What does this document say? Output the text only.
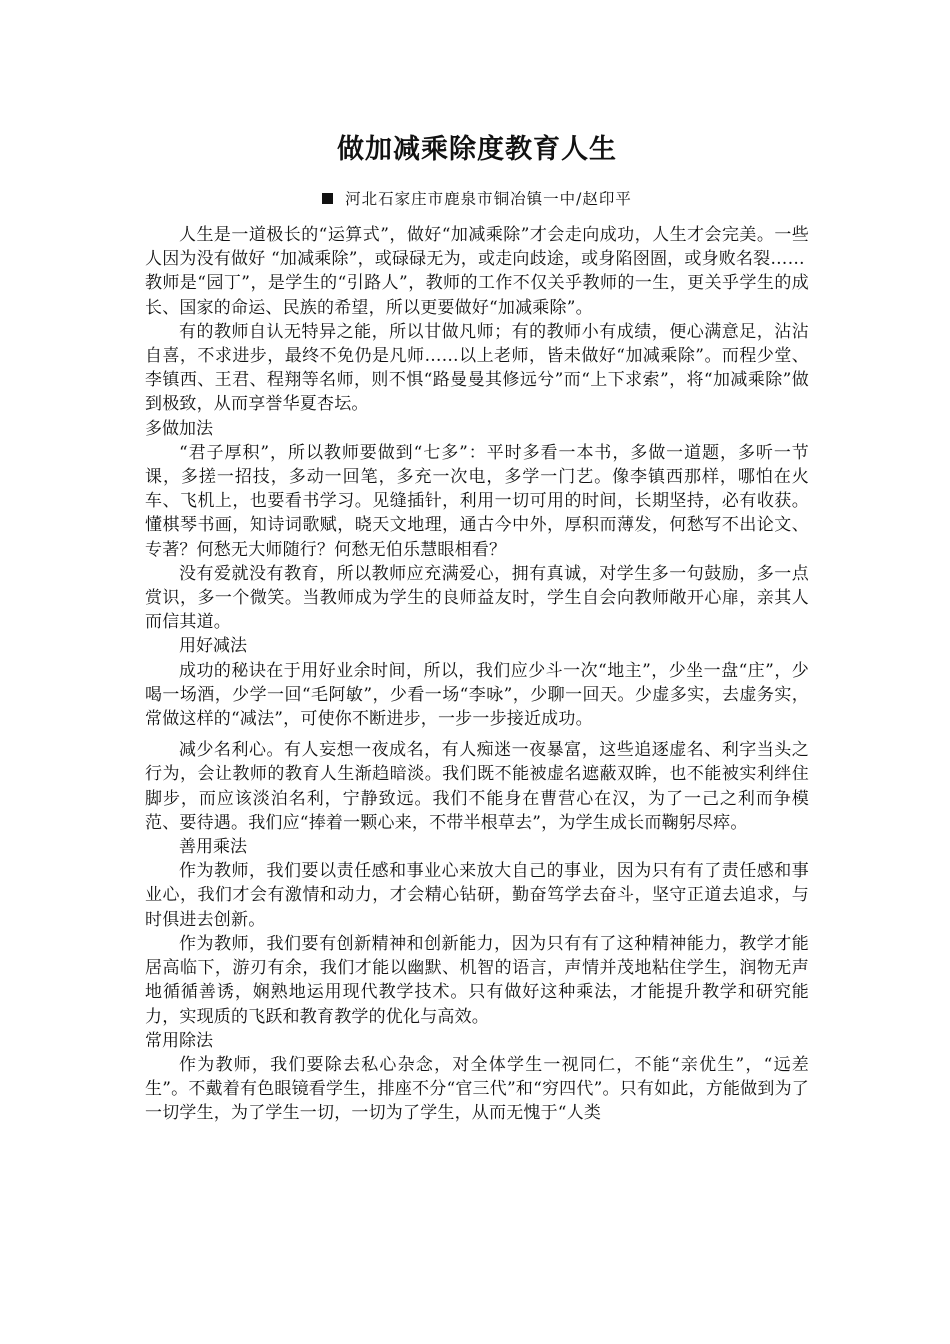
做加减乘除度教育人生
河北石家庄市鹿泉市铜冶镇一中/赵印平

人生是一道极长的“运算式”，做好“加减乘除”才会走向成功，人生才会完美。一些人因为没有做好 “加减乘除”，或碌碌无为，或走向歧途，或身陷囹圄，或身败名裂……

教师是“园丁”，是学生的“引路人”，教师的工作不仅关乎教师的一生，更关乎学生的成长、国家的命运、民族的希望，所以更要做好“加减乘除”。

有的教师自认无特异之能，所以甘做凡师；有的教师小有成绩，便心满意足，沾沾自喜，不求进步，最终不免仍是凡师……以上老师，皆未做好“加减乘除”。而程少堂、李镇西、王君、程翔等名师，则不惧“路曼曼其修远兮”而“上下求索”，将“加减乘除”做到极致，从而享誉华夏杏坛。

多做加法

“君子厚积”，所以教师要做到“七多”：平时多看一本书，多做一道题，多听一节课，多搓一招技，多动一回笔，多充一次电，多学一门艺。像李镇西那样，哪怕在火车、飞机上，也要看书学习。见缝插针，利用一切可用的时间，长期坚持，必有收获。懂棋琴书画，知诗词歌赋，晓天文地理，通古今中外，厚积而薄发，何愁写不出论文、专著？何愁无大师随行？何愁无伯乐慧眼相看？

没有爱就没有教育，所以教师应充满爱心，拥有真诚，对学生多一句鼓励，多一点赏识，多一个微笑。当教师成为学生的良师益友时，学生自会向教师敞开心扉，亲其人而信其道。

用好减法

成功的秘诀在于用好业余时间，所以，我们应少斗一次“地主”，少坐一盘“庄”，少喝一场酒，少学一回“毛阿敏”，少看一场“李咏”，少聊一回天。少虚多实，去虚务实，常做这样的“减法”，可使你不断进步，一步一步接近成功。

减少名利心。有人妄想一夜成名，有人痴迷一夜暴富，这些追逐虚名、利字当头之行为，会让教师的教育人生渐趋暗淡。我们既不能被虚名遮蔽双眸，也不能被实利绊住脚步，而应该淡泊名利，宁静致远。我们不能身在曹营心在汉，为了一己之利而争模范、要待遇。我们应“捧着一颗心来，不带半根草去”，为学生成长而鞠躬尽瘁。

善用乘法

作为教师，我们要以责任感和事业心来放大自己的事业，因为只有有了责任感和事业心，我们才会有激情和动力，才会精心钻研，勤奋笃学去奋斗，坚守正道去追求，与时俱进去创新。

作为教师，我们要有创新精神和创新能力，因为只有有了这种精神能力，教学才能居高临下，游刃有余，我们才能以幽默、机智的语言，声情并茂地粘住学生，润物无声地循循善诱，娴熟地运用现代教学技术。只有做好这种乘法，才能提升教学和研究能力，实现质的飞跃和教育教学的优化与高效。

常用除法

作为教师，我们要除去私心杂念，对全体学生一视同仁，不能“亲优生”，“远差生”。不戴着有色眼镜看学生，排座不分“官三代”和“穷四代”。只有如此，方能做到为了一切学生，为了学生一切，一切为了学生，从而无愧于“人类
